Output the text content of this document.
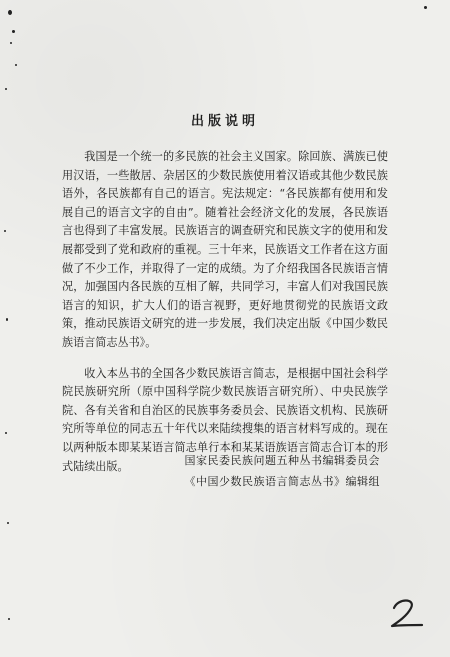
出版说明

我国是一个统一的多民族的社会主义国家。除回族、满族已使用汉语，一些散居、杂居区的少数民族使用着汉语或其他少数民族语外，各民族都有自己的语言。宪法规定：“各民族都有使用和发展自己的语言文字的自由”。随着社会经济文化的发展，各民族语言也得到了丰富发展。民族语言的调查研究和民族文字的使用和发展都受到了党和政府的重视。三十年来，民族语文工作者在这方面做了不少工作，并取得了一定的成绩。为了介绍我国各民族语言情况，加强国内各民族的互相了解，共同学习，丰富人们对我国民族语言的知识，扩大人们的语言视野，更好地贯彻党的民族语文政策，推动民族语文研究的进一步发展，我们决定出版《中国少数民族语言简志丛书》。

收入本丛书的全国各少数民族语言简志，是根据中国社会科学院民族研究所（原中国科学院少数民族语言研究所）、中央民族学院、各有关省和自治区的民族事务委员会、民族语文机构、民族研究所等单位的同志五十年代以来陆续搜集的语言材料写成的。现在以两种版本即某某语言简志单行本和某某语族语言简志合订本的形式陆续出版。	国家民委民族问题五种丛书编辑委员会
《中国少数民族语言简志丛书》编辑组
